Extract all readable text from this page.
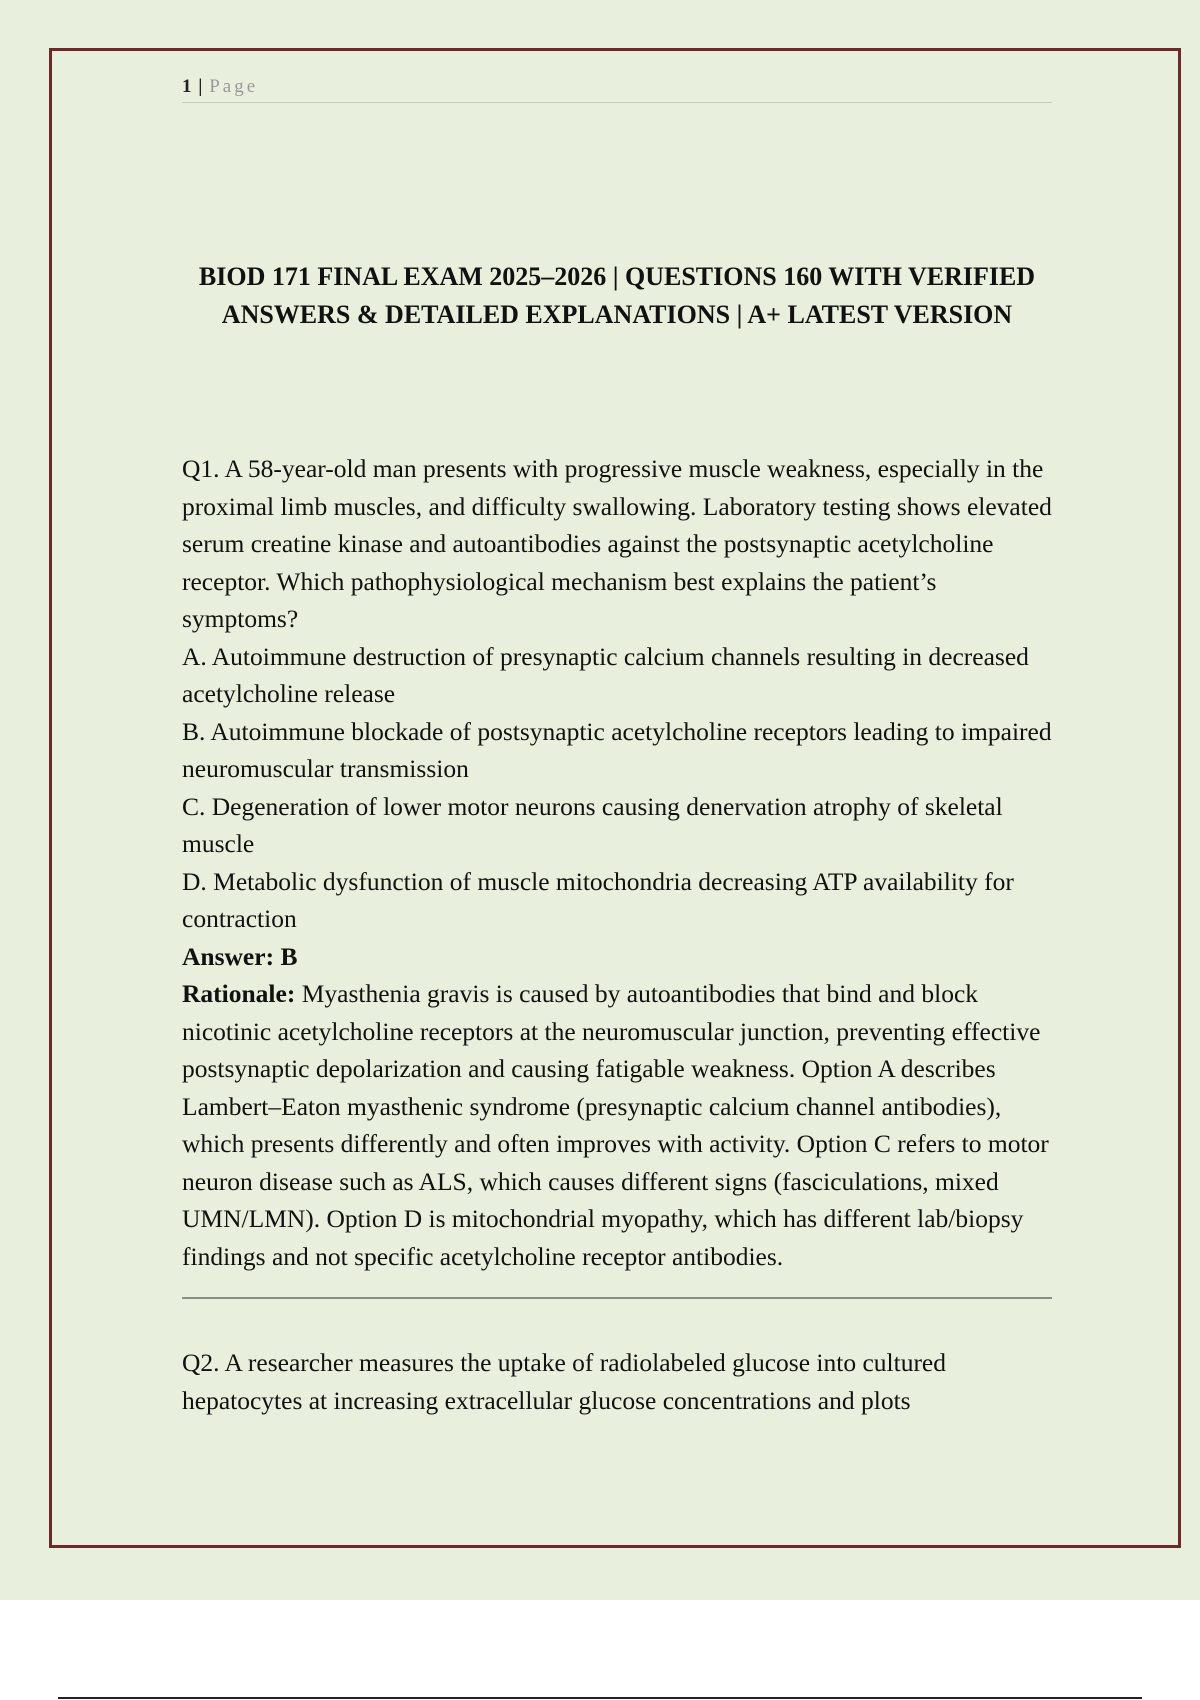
1 | Page
BIOD 171 FINAL EXAM 2025–2026 | QUESTIONS 160 WITH VERIFIED ANSWERS & DETAILED EXPLANATIONS | A+ LATEST VERSION

Q1. A 58-year-old man presents with progressive muscle weakness, especially in the proximal limb muscles, and difficulty swallowing. Laboratory testing shows elevated serum creatine kinase and autoantibodies against the postsynaptic acetylcholine receptor. Which pathophysiological mechanism best explains the patient’s symptoms?

A. Autoimmune destruction of presynaptic calcium channels resulting in decreased acetylcholine release

B. Autoimmune blockade of postsynaptic acetylcholine receptors leading to impaired neuromuscular transmission

C. Degeneration of lower motor neurons causing denervation atrophy of skeletal muscle

D. Metabolic dysfunction of muscle mitochondria decreasing ATP availability for contraction

Answer: B

Rationale: Myasthenia gravis is caused by autoantibodies that bind and block nicotinic acetylcholine receptors at the neuromuscular junction, preventing effective postsynaptic depolarization and causing fatigable weakness. Option A describes Lambert–Eaton myasthenic syndrome (presynaptic calcium channel antibodies), which presents differently and often improves with activity. Option C refers to motor neuron disease such as ALS, which causes different signs (fasciculations, mixed UMN/LMN). Option D is mitochondrial myopathy, which has different lab/biopsy findings and not specific acetylcholine receptor antibodies.

Q2. A researcher measures the uptake of radiolabeled glucose into cultured hepatocytes at increasing extracellular glucose concentrations and plots
